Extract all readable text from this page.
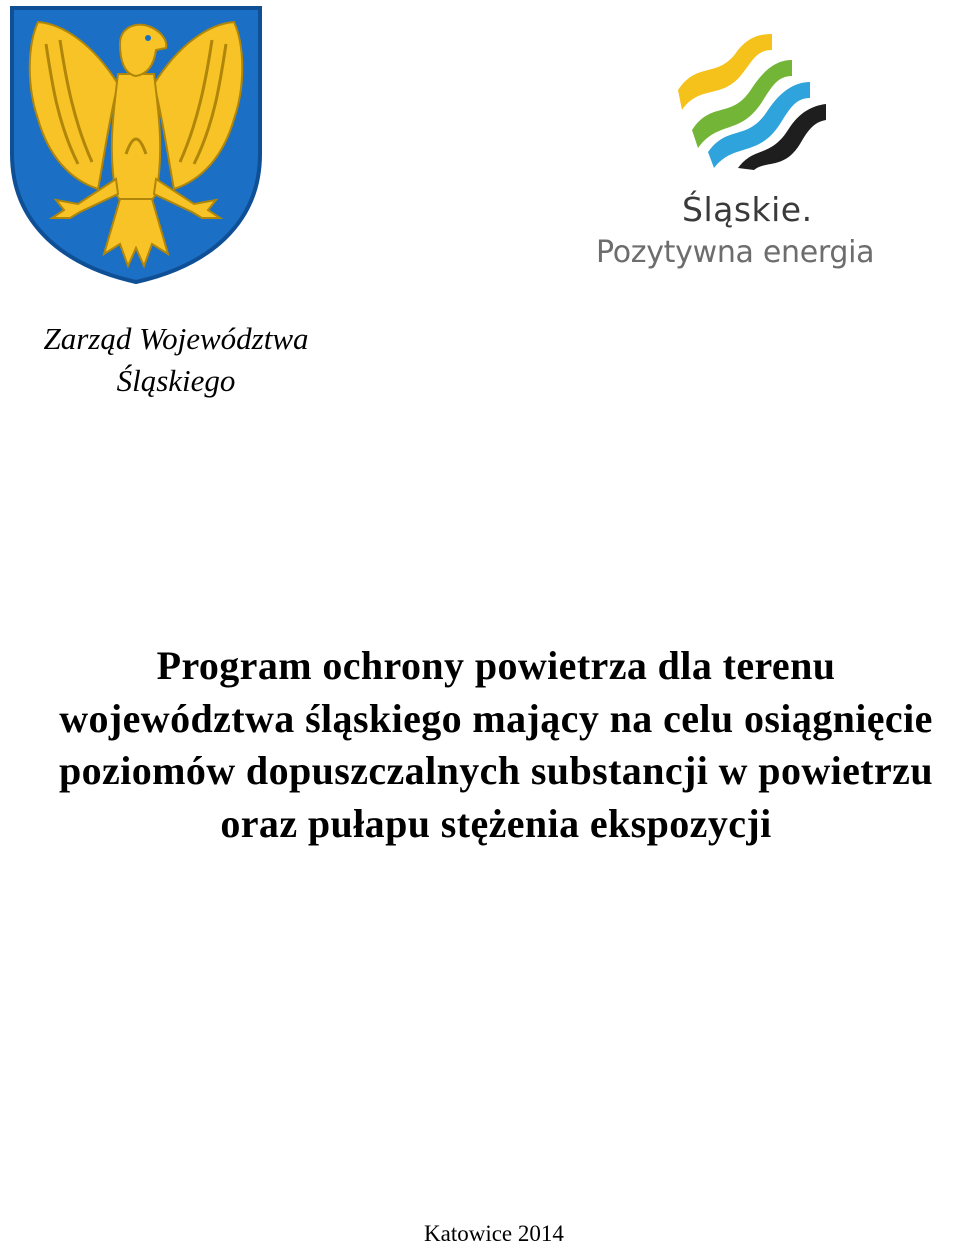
Śląskie.
Pozytywna energia
Zarząd Województwa
Śląskiego
Program ochrony powietrza dla terenu
województwa śląskiego mający na celu osiągnięcie
poziomów dopuszczalnych substancji w powietrzu
oraz pułapu stężenia ekspozycji
Katowice 2014
